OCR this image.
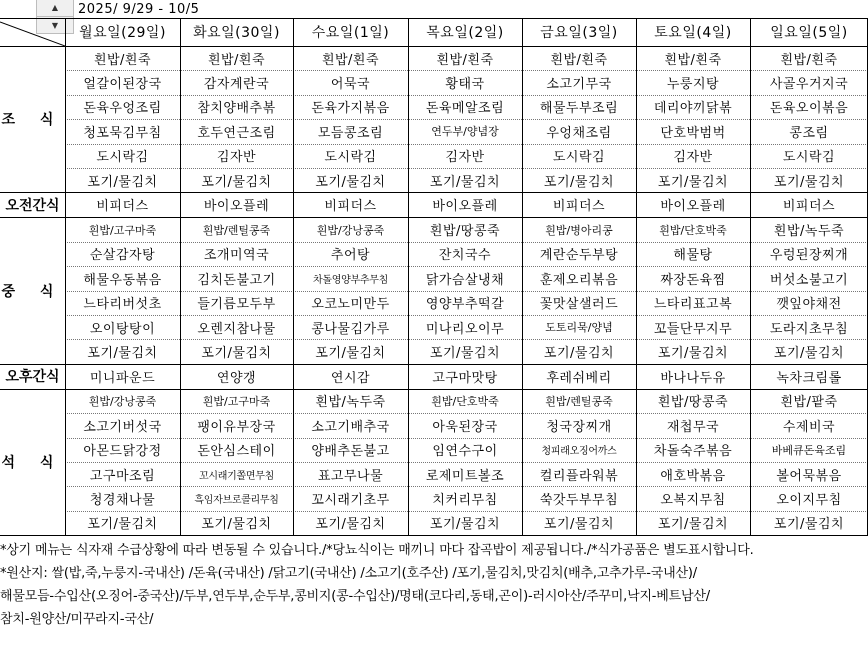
2025/ 9/29 - 10/5
▲
▼	월요일(29일)	화요일(30일)	수요일(1일)	목요일(2일)	금요일(3일)	토요일(4일)	일요일(5일)
흰밥/흰죽	흰밥/흰죽	흰밥/흰죽	흰밥/흰죽	흰밥/흰죽	흰밥/흰죽	흰밥/흰죽
얼갈이된장국	감자계란국	어묵국	황태국	소고기무국	누룽지탕	사골우거지국
돈육우엉조림	참치양배추볶	돈육가지볶음	돈육메알조림	해물두부조림	데리야끼닭볶	돈육오이볶음
청포묵김무침	호두연근조림	모듬콩조림	연두부/양념장	우엉채조림	단호박범벅	콩조림
도시락김	김자반	도시락김	김자반	도시락김	김자반	도시락김
포기/물김치	포기/물김치	포기/물김치	포기/물김치	포기/물김치	포기/물김치	포기/물김치
조 식
비피더스	바이오플레	비피더스	바이오플레	비피더스	바이오플레	비피더스
오전간식
흰밥/고구마죽	흰밥/렌틸콩죽	흰밥/강낭콩죽	흰밥/땅콩죽	흰밥/병아리콩	흰밥/단호박죽	흰밥/녹두죽
순살감자탕	조개미역국	추어탕	잔치국수	계란순두부탕	해물탕	우렁된장찌개
해물우동볶음	김치돈불고기	차돌영양부추무침	닭가슴살냉채	훈제오리볶음	짜장돈육찜	버섯소불고기
느타리버섯초	들기름모두부	오코노미만두	영양부추떡갈	꽃맛살샐러드	느타리표고복	깻잎야채전
오이탕탕이	오렌지참나물	콩나물김가루	미나리오이무	도토리묵/양념	꼬들단무지무	도라지초무침
포기/물김치	포기/물김치	포기/물김치	포기/물김치	포기/물김치	포기/물김치	포기/물김치
중 식
미니파운드	연양갱	연시감	고구마맛탕	후레쉬베리	바나나두유	녹차크림롤
오후간식
흰밥/강낭콩죽	흰밥/고구마죽	흰밥/녹두죽	흰밥/단호박죽	흰밥/렌틸콩죽	흰밥/땅콩죽	흰밥/팥죽
소고기버섯국	팽이유부장국	소고기배추국	아욱된장국	청국장찌개	재첩무국	수제비국
아몬드닭강정	돈안심스테이	양배추돈불고	임연수구이	청피래오징어까스	차돌숙주볶음	바베큐돈육조림
고구마조림	꼬시래기쫄면무침	표고무나물	로제미트볼조	컬리플라워볶	애호박볶음	볼어묵볶음
청경채나물	흑임자브로콜리무침	꼬시래기초무	치커리무침	쑥갓두부무침	오복지무침	오이지무침
포기/물김치	포기/물김치	포기/물김치	포기/물김치	포기/물김치	포기/물김치	포기/물김치
석 식
*상기 메뉴는 식자재 수급상황에 따라 변동될 수 있습니다./*당뇨식이는 매끼니 마다 잡곡밥이 제공됩니다./*식가공품은 별도표시합니다.
*원산지: 쌀(밥,죽,누룽지-국내산) /돈육(국내산) /닭고기(국내산) /소고기(호주산) /포기,물김치,맛김치(배추,고추가루-국내산)/
해물모듬-수입산(오징어-중국산)/두부,연두부,순두부,콩비지(콩-수입산)/명태(코다리,동태,곤이)-러시아산/주꾸미,낙지-베트남산/
참치-원양산/미꾸라지-국산/
